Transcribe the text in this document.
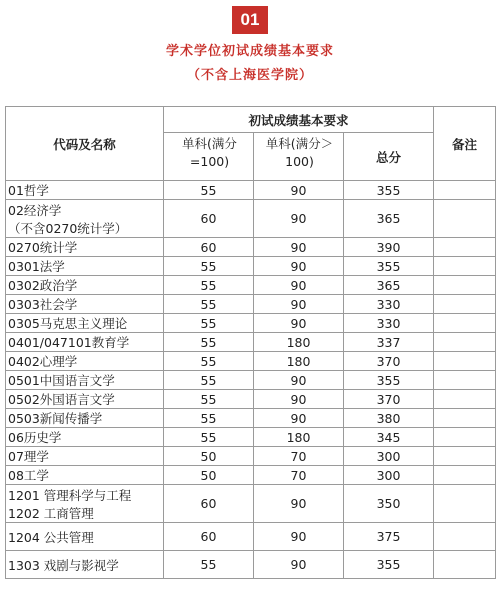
01
学术学位初试成绩基本要求
（不含上海医学院）
代码及名称	初试成绩基本要求			备注
	单科(满分=100)	单科(满分＞100)	总分	

01哲学	55	90	355	

02经济学
（不含0270统计学）	60	90	365	

0270统计学	60	90	390	

0301法学	55	90	355	

0302政治学	55	90	365	

0303社会学	55	90	330	

0305马克思主义理论	55	90	330	

0401/047101教育学	55	180	337	

0402心理学	55	180	370	

0501中国语言文学	55	90	355	

0502外国语言文学	55	90	370	

0503新闻传播学	55	90	380	

06历史学	55	180	345	

07理学	50	70	300	

08工学	50	70	300	

1201 管理科学与工程
1202 工商管理	60	90	350	

1204 公共管理	60	90	375	

1303 戏剧与影视学	55	90	355	
